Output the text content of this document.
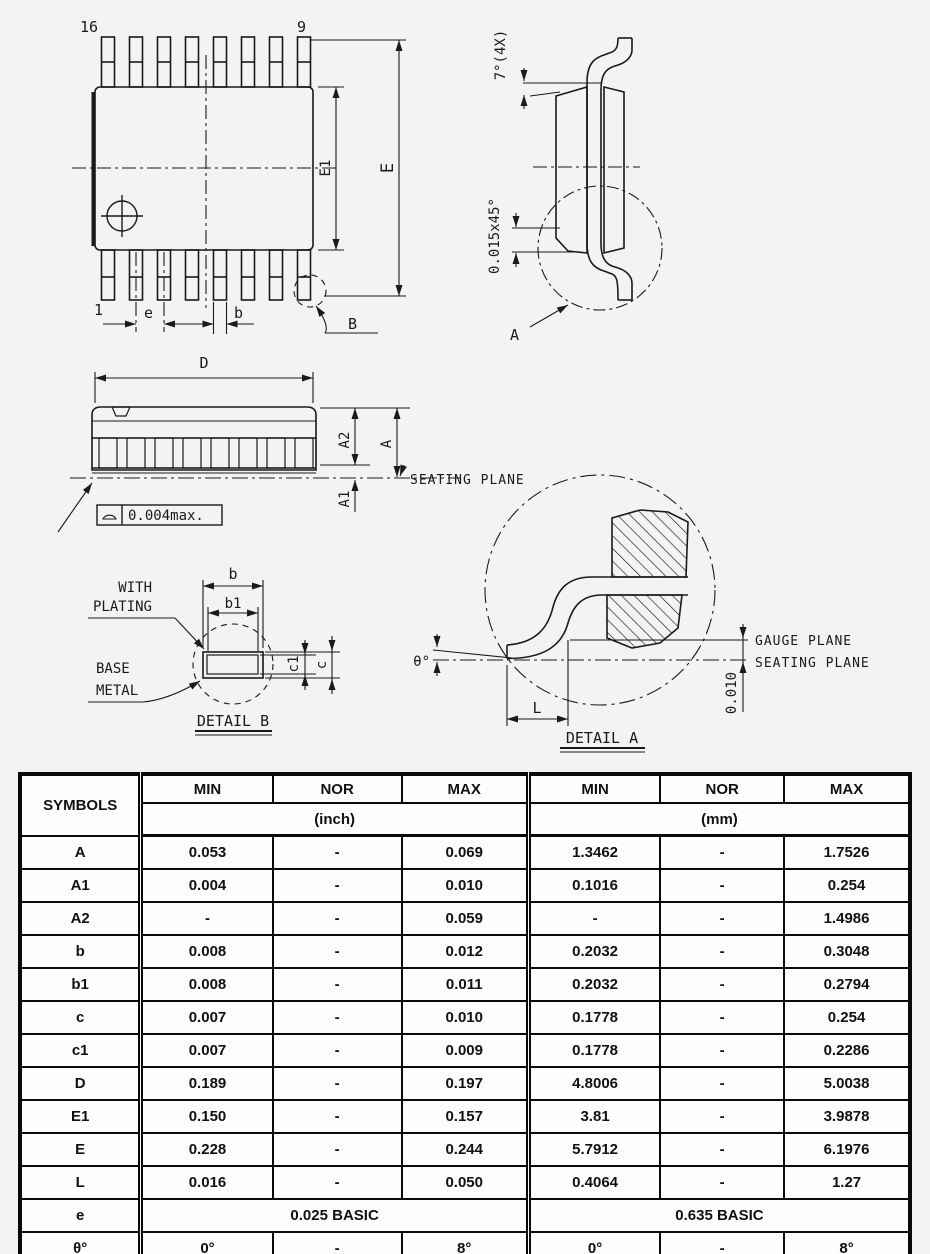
16	9
1	e	b
E1	E
B
7°(4X)
0.015x45°
A
D
A2 A
A1
SEATING PLANE
0.004max.
WITH
PLATING
BASE
METAL
b
b1
c1 c
DETAIL B
GAUGE PLANE
SEATING PLANE
0.010
L
θ°
DETAIL A
SYMBOLS	MIN	NOR	MAX	MIN	NOR	MAX
	(inch)			(mm)		
A	0.053	-	0.069	1.3462	-	1.7526
A1	0.004	-	0.010	0.1016	-	0.254
A2	-	-	0.059	-	-	1.4986
b	0.008	-	0.012	0.2032	-	0.3048
b1	0.008	-	0.011	0.2032	-	0.2794
c	0.007	-	0.010	0.1778	-	0.254
c1	0.007	-	0.009	0.1778	-	0.2286
D	0.189	-	0.197	4.8006	-	5.0038
E1	0.150	-	0.157	3.81	-	3.9878
E	0.228	-	0.244	5.7912	-	6.1976
L	0.016	-	0.050	0.4064	-	1.27
e	0.025 BASIC			0.635 BASIC		
θ°	0°	-	8°	0°	-	8°
